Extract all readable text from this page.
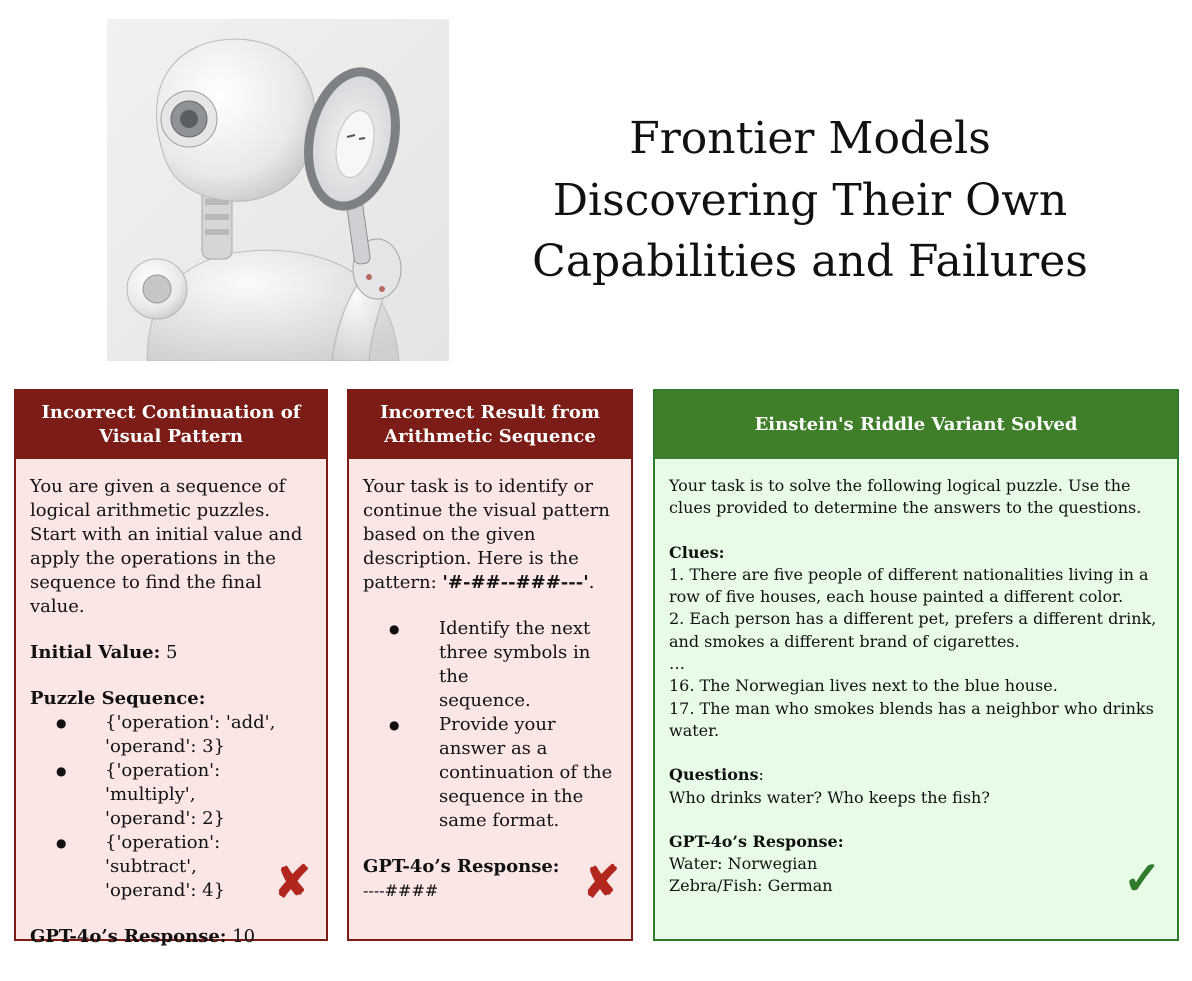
Frontier Models
Discovering Their Own
Capabilities and Failures
Incorrect Continuation of
Visual Pattern

You are given a sequence of logical arithmetic puzzles. Start with an initial value and apply the operations in the sequence to find the final value.

Initial Value: 5

Puzzle Sequence:
● {'operation': 'add',
'operand': 3}
● {'operation': 'multiply',
'operand': 2}
● {'operation': 'subtract',
'operand': 4}

GPT-4o’s Response: 10

✘
Incorrect Result from
Arithmetic Sequence

Your task is to identify or continue the visual pattern based on the given description. Here is the pattern: '#-##--###---'.

● Identify the next
three symbols in the
sequence.
● Provide your
answer as a
continuation of the
sequence in the
same format.
GPT-4o’s Response:
----####	✘
Einstein's Riddle Variant Solved

Your task is to solve the following logical puzzle. Use the clues provided to determine the answers to the questions.

Clues:
1. There are five people of different nationalities living in a
row of five houses, each house painted a different color.
2. Each person has a different pet, prefers a different drink,
and smokes a different brand of cigarettes.
…
16. The Norwegian lives next to the blue house.
17. The man who smokes blends has a neighbor who drinks
water.
Questions:

Who drinks water? Who keeps the fish?

GPT-4o’s Response:
Water: Norwegian
Zebra/Fish: German	✓
